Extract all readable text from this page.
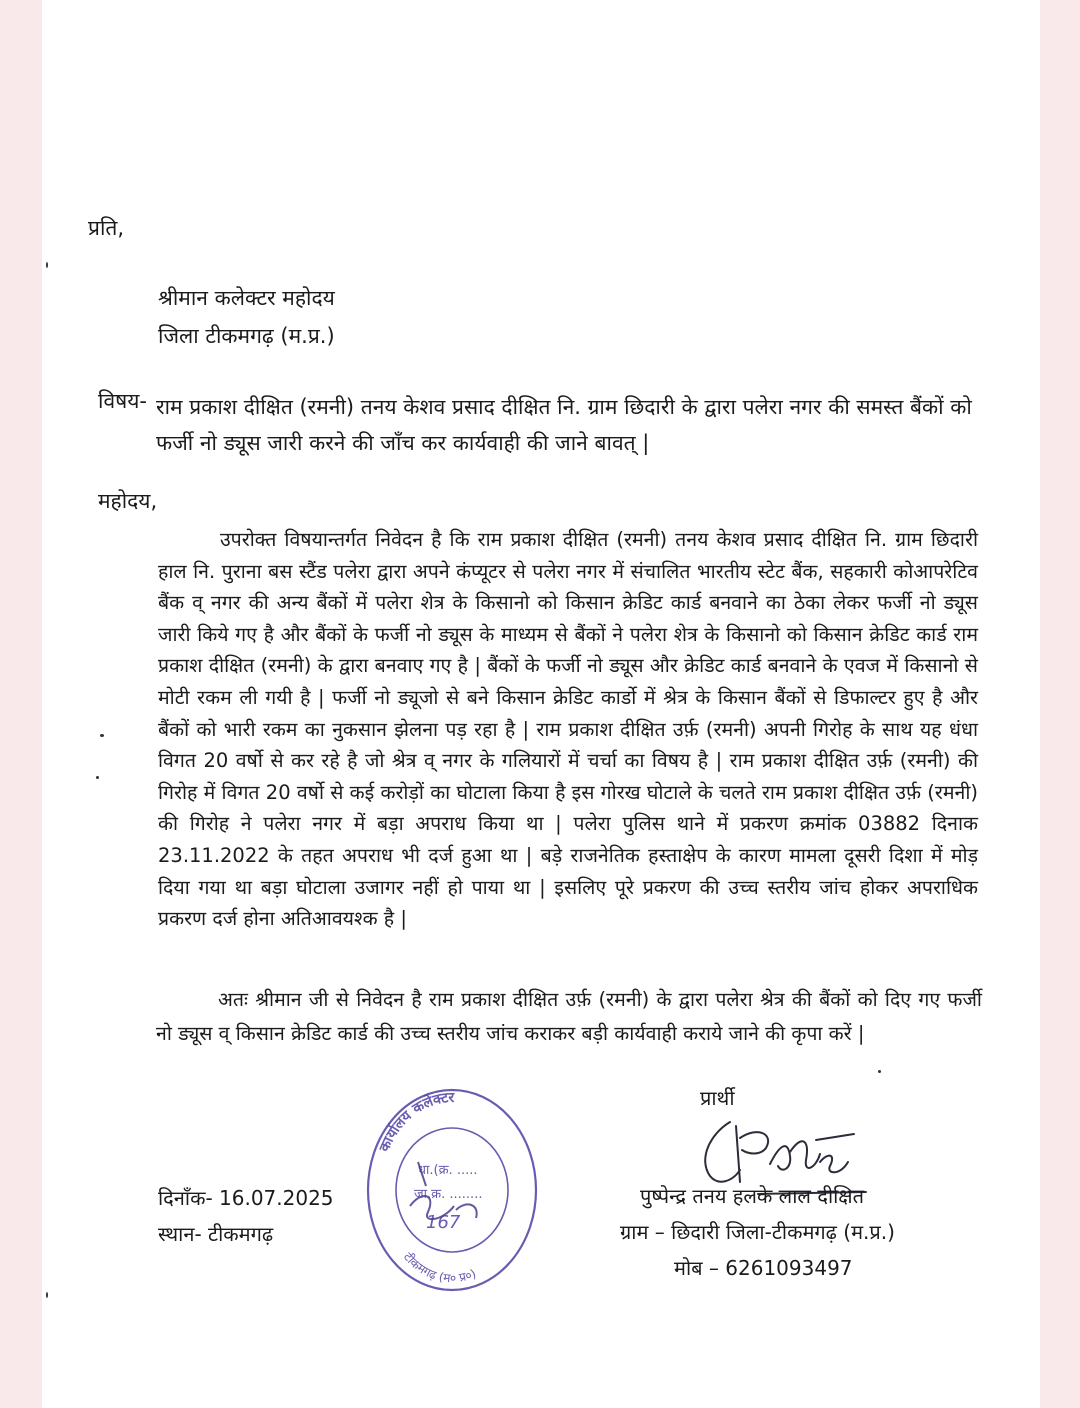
प्रति,
श्रीमान कलेक्टर महोदय
जिला टीकमगढ़ (म.प्र.)
विषय- राम प्रकाश दीक्षित (रमनी) तनय केशव प्रसाद दीक्षित नि. ग्राम छिदारी के द्वारा पलेरा नगर की समस्त बैंकों को फर्जी नो ड्यूस जारी करने की जाँच कर कार्यवाही की जाने बावत् |
महोदय,

उपरोक्त विषयान्तर्गत निवेदन है कि राम प्रकाश दीक्षित (रमनी) तनय केशव प्रसाद दीक्षित नि. ग्राम छिदारी हाल नि. पुराना बस स्टैंड पलेरा द्वारा अपने कंप्यूटर से पलेरा नगर में संचालित भारतीय स्टेट बैंक, सहकारी कोआपरेटिव बैंक व् नगर की अन्य बैंकों में पलेरा शेत्र के किसानो को किसान क्रेडिट कार्ड बनवाने का ठेका लेकर फर्जी नो ड्यूस जारी किये गए है और बैंकों के फर्जी नो ड्यूस के माध्यम से बैंकों ने पलेरा शेत्र के किसानो को किसान क्रेडिट कार्ड राम प्रकाश दीक्षित (रमनी) के द्वारा बनवाए गए है | बैंकों के फर्जी नो ड्यूस और क्रेडिट कार्ड बनवाने के एवज में किसानो से मोटी रकम ली गयी है | फर्जी नो ड्यूजो से बने किसान क्रेडिट कार्डो में श्रेत्र के किसान बैंकों से डिफाल्टर हुए है और बैंकों को भारी रकम का नुकसान झेलना पड़ रहा है | राम प्रकाश दीक्षित उर्फ़ (रमनी) अपनी गिरोह के साथ यह धंधा विगत 20 वर्षो से कर रहे है जो श्रेत्र व् नगर के गलियारों में चर्चा का विषय है | राम प्रकाश दीक्षित उर्फ़ (रमनी) की गिरोह में विगत 20 वर्षो से कई करोड़ों का घोटाला किया है इस गोरख घोटाले के चलते राम प्रकाश दीक्षित उर्फ़ (रमनी) की गिरोह ने पलेरा नगर में बड़ा अपराध किया था | पलेरा पुलिस थाने में प्रकरण क्रमांक 03882 दिनाक 23.11.2022 के तहत अपराध भी दर्ज हुआ था | बड़े राजनेतिक हस्ताक्षेप के कारण मामला दूसरी दिशा में मोड़ दिया गया था बड़ा घोटाला उजागर नहीं हो पाया था | इसलिए पूरे प्रकरण की उच्च स्तरीय जांच होकर अपराधिक प्रकरण दर्ज होना अतिआवयश्क है |

अतः श्रीमान जी से निवेदन है राम प्रकाश दीक्षित उर्फ़ (रमनी) के द्वारा पलेरा श्रेत्र की बैंकों को दिए गए फर्जी नो ड्यूस व् किसान क्रेडिट कार्ड की उच्च स्तरीय जांच कराकर बड़ी कार्यवाही कराये जाने की कृपा करें |

प्रार्थी
पुष्पेन्द्र तनय हलके लाल दीक्षित
ग्राम – छिदारी जिला-टीकमगढ़ (म.प्र.)
मोब – 6261093497
दिनाँक- 16.07.2025
स्थान- टीकमगढ़
कार्यालय कलेक्टर
टीकमगढ़ (म० प्र०)
धा.(क्र. .....
जा.क्र. ........
167
